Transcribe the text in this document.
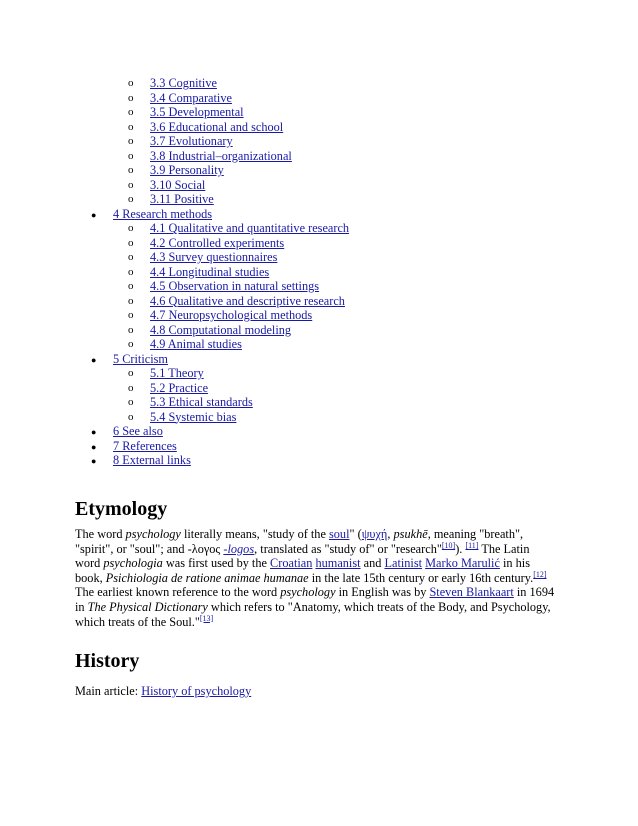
o 3.3 Cognitive
o 3.4 Comparative
o 3.5 Developmental
o 3.6 Educational and school
o 3.7 Evolutionary
o 3.8 Industrial–organizational
o 3.9 Personality
o 3.10 Social
o 3.11 Positive
● 4 Research methods
o 4.1 Qualitative and quantitative research
o 4.2 Controlled experiments
o 4.3 Survey questionnaires
o 4.4 Longitudinal studies
o 4.5 Observation in natural settings
o 4.6 Qualitative and descriptive research
o 4.7 Neuropsychological methods
o 4.8 Computational modeling
o 4.9 Animal studies
● 5 Criticism
o 5.1 Theory
o 5.2 Practice
o 5.3 Ethical standards
o 5.4 Systemic bias
● 6 See also
● 7 References
● 8 External links
Etymology
The word psychology literally means, "study of the soul" (ψυχή, psukhē, meaning "breath",
"spirit", or "soul"; and -λογος -logos, translated as "study of" or "research"[10]). [11] The Latin
word psychologia was first used by the Croatian humanist and Latinist Marko Marulić in his
book, Psichiologia de ratione animae humanae in the late 15th century or early 16th century.[12]
The earliest known reference to the word psychology in English was by Steven Blankaart in 1694
in The Physical Dictionary which refers to "Anatomy, which treats of the Body, and Psychology,
which treats of the Soul."[13]
History
Main article: History of psychology
